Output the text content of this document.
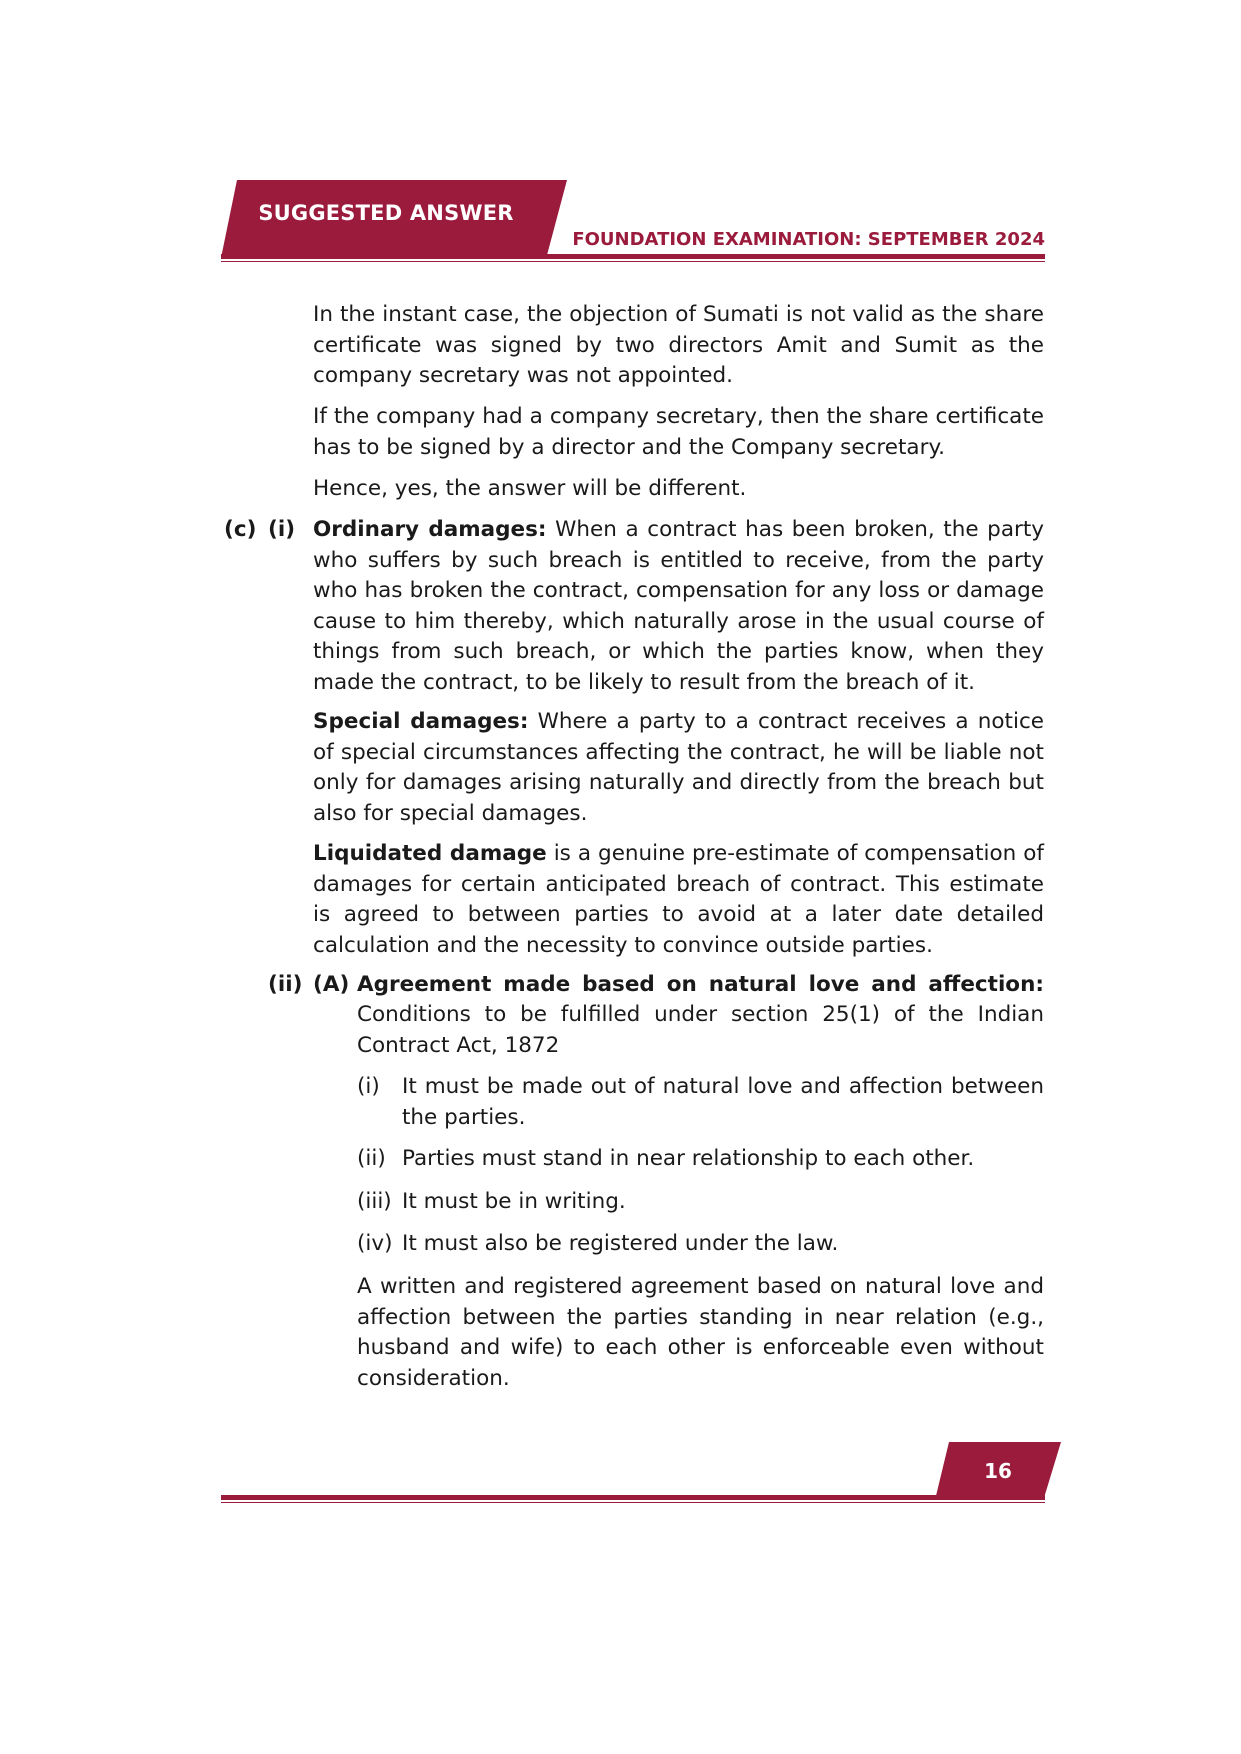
SUGGESTED ANSWER
FOUNDATION EXAMINATION: SEPTEMBER 2024
In the instant case, the objection of Sumati is not valid as the share certificate was signed by two directors Amit and Sumit as the company secretary was not appointed.
If the company had a company secretary, then the share certificate has to be signed by a director and the Company secretary.
Hence, yes, the answer will be different.
(c) (i) Ordinary damages: When a contract has been broken, the party who suffers by such breach is entitled to receive, from the party who has broken the contract, compensation for any loss or damage cause to him thereby, which naturally arose in the usual course of things from such breach, or which the parties know, when they made the contract, to be likely to result from the breach of it.
Special damages: Where a party to a contract receives a notice of special circumstances affecting the contract, he will be liable not only for damages arising naturally and directly from the breach but also for special damages.
Liquidated damage is a genuine pre-estimate of compensation of damages for certain anticipated breach of contract. This estimate is agreed to between parties to avoid at a later date detailed calculation and the necessity to convince outside parties.
(ii) (A) Agreement made based on natural love and affection:
Conditions to be fulfilled under section 25(1) of the Indian Contract Act, 1872
(i) It must be made out of natural love and affection between the parties.
(ii) Parties must stand in near relationship to each other.
(iii) It must be in writing.
(iv) It must also be registered under the law.
A written and registered agreement based on natural love and affection between the parties standing in near relation (e.g., husband and wife) to each other is enforceable even without consideration.
16
